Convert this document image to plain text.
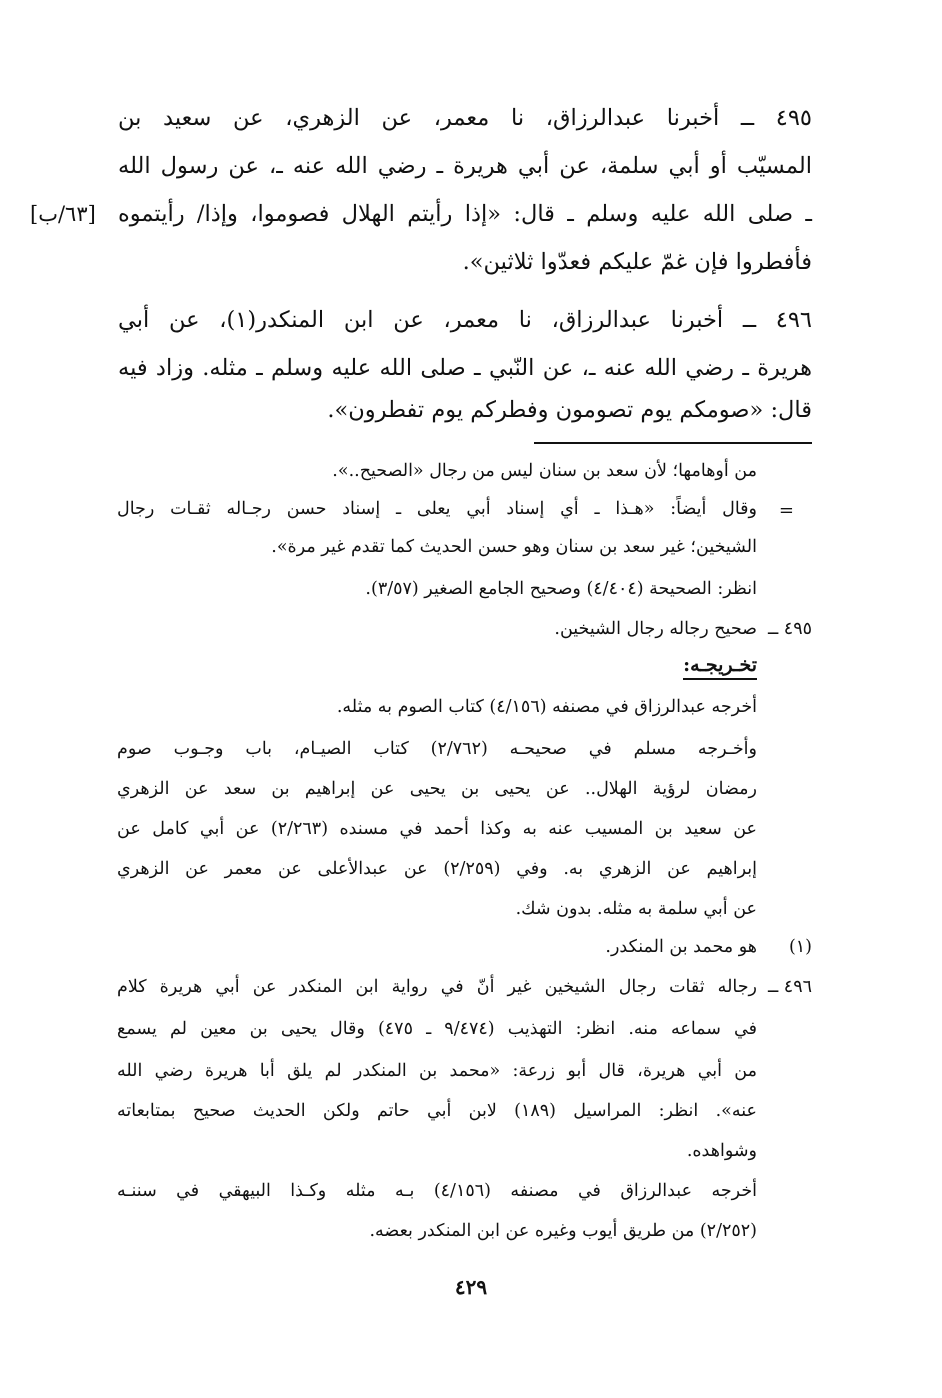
٤٩٥ ــ أخبرنا عبدالرزاق، نا معمر، عن الزهري، عن سعيد بن
المسيّب أو أبي سلمة، عن أبي هريرة ـ رضي الله عنه ـ، عن رسول الله
ـ صلى الله عليه وسلم ـ قال: «إذا رأيتم الهلال فصوموا، وإذا/ رأيتموه
فأفطروا فإن غمّ عليكم فعدّوا ثلاثين».
[٦٣/ب]
٤٩٦ ــ أخبرنا عبدالرزاق، نا معمر، عن ابن المنكدر(١)، عن أبي
هريرة ـ رضي الله عنه ـ، عن النّبي ـ صلى الله عليه وسلم ـ مثله. وزاد فيه
قال: «صومكم يوم تصومون وفطركم يوم تفطرون».
من أوهامها؛ لأن سعد بن سنان ليس من رجال «الصحيح..».
=
وقال أيضاً: «هـذا ـ أي إسناد أبي يعلى ـ إسناد حسن رجـاله ثقـات رجال
الشيخين؛ غير سعد بن سنان وهو حسن الحديث كما تقدم غير مرة».
انظر: الصحيحة (٤/٤٠٤) وصحيح الجامع الصغير (٣/٥٧).
٤٩٥ ــ
صحيح رجاله رجال الشيخين.
تخـريجـه:
أخرجه عبدالرزاق في مصنفه (٤/١٥٦) كتاب الصوم به مثله.
وأخـرجه مسلم في صحيحـه (٢/٧٦٢) كتاب الصيـام، باب وجـوب صوم
رمضان لرؤية الهلال.. عن يحيى بن يحيى عن إبراهيم بن سعد عن الزهري
عن سعيد بن المسيب عنه به وكذا أحمد في مسنده (٢/٢٦٣) عن أبي كامل عن
إبراهيم عن الزهري به. وفي (٢/٢٥٩) عن عبدالأعلى عن معمر عن الزهري
عن أبي سلمة به مثله. بدون شك.
(١)
هو محمد بن المنكدر.
٤٩٦ ــ
رجاله ثقات رجال الشيخين غير أنّ في رواية ابن المنكدر عن أبي هريرة كلام
في سماعه منه. انظر: التهذيب (٩/٤٧٤ ـ ٤٧٥) وقال يحيى بن معين لم يسمع
من أبي هريرة، قال أبو زرعة: «محمد بن المنكدر لم يلق أبا هريرة رضي الله
عنه». انظر: المراسيل (١٨٩) لابن أبي حاتم ولكن الحديث صحيح بمتابعاته
وشواهده.
أخرجه عبدالرزاق في مصنفه (٤/١٥٦) بـه مثله وكـذا البيهقي في سننـه
(٢/٢٥٢) من طريق أيوب وغيره عن ابن المنكدر بعضه.
٤٢٩
